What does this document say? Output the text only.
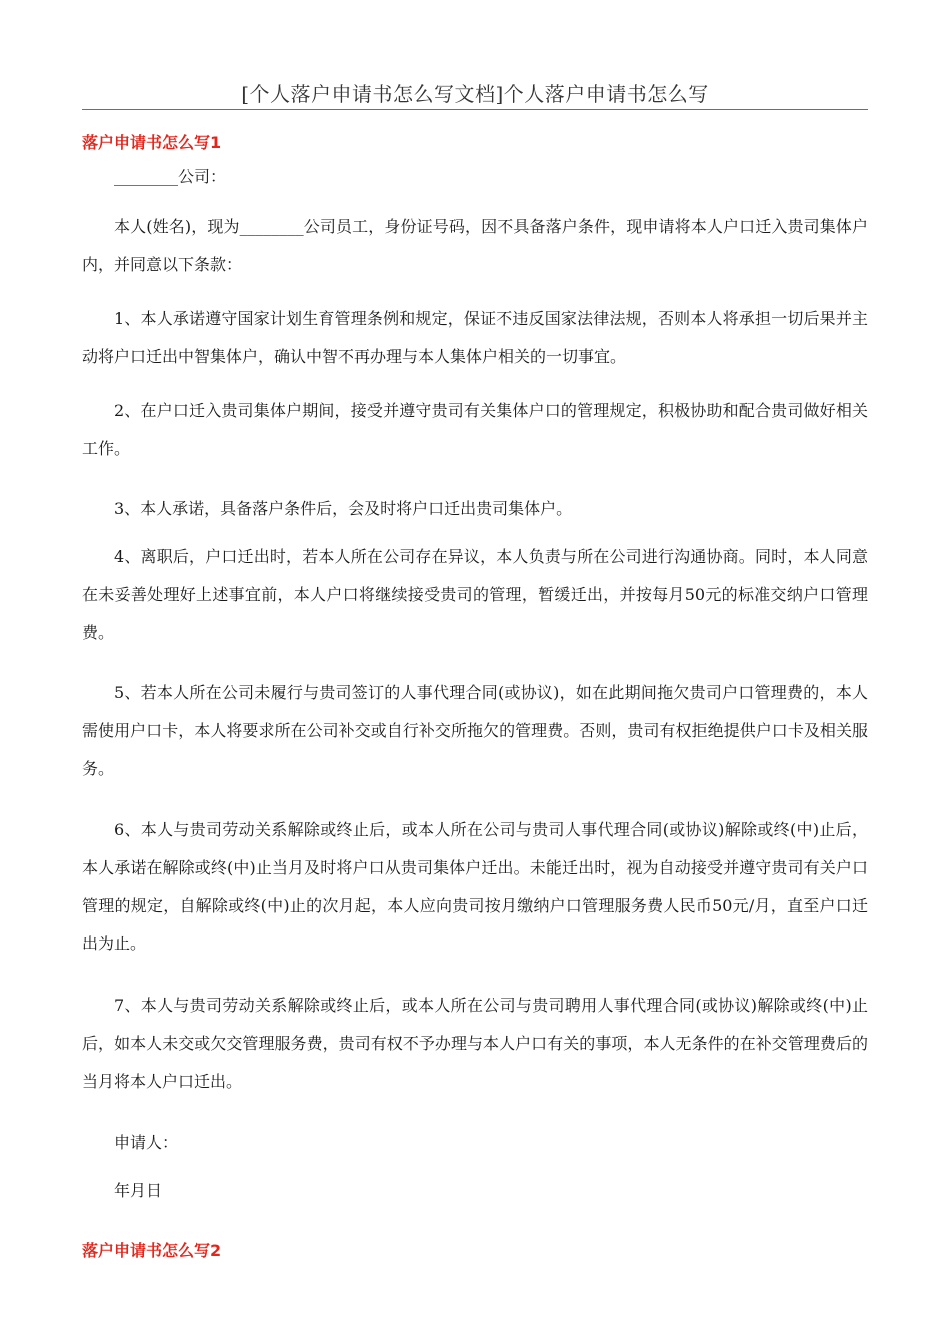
[个人落户申请书怎么写文档]个人落户申请书怎么写
落户申请书怎么写1

________公司：

本人(姓名)，现为________公司员工，身份证号码，因不具备落户条件，现申请将本人户口迁入贵司集体户内，并同意以下条款：

1、本人承诺遵守国家计划生育管理条例和规定，保证不违反国家法律法规，否则本人将承担一切后果并主动将户口迁出中智集体户，确认中智不再办理与本人集体户相关的一切事宜。

2、在户口迁入贵司集体户期间，接受并遵守贵司有关集体户口的管理规定，积极协助和配合贵司做好相关工作。

3、本人承诺，具备落户条件后，会及时将户口迁出贵司集体户。

4、离职后，户口迁出时，若本人所在公司存在异议，本人负责与所在公司进行沟通协商。同时，本人同意在未妥善处理好上述事宜前，本人户口将继续接受贵司的管理，暂缓迁出，并按每月50元的标准交纳户口管理费。

5、若本人所在公司未履行与贵司签订的人事代理合同(或协议)，如在此期间拖欠贵司户口管理费的，本人需使用户口卡，本人将要求所在公司补交或自行补交所拖欠的管理费。否则，贵司有权拒绝提供户口卡及相关服务。

6、本人与贵司劳动关系解除或终止后，或本人所在公司与贵司人事代理合同(或协议)解除或终(中)止后，本人承诺在解除或终(中)止当月及时将户口从贵司集体户迁出。未能迁出时，视为自动接受并遵守贵司有关户口管理的规定，自解除或终(中)止的次月起，本人应向贵司按月缴纳户口管理服务费人民币50元/月，直至户口迁出为止。

7、本人与贵司劳动关系解除或终止后，或本人所在公司与贵司聘用人事代理合同(或协议)解除或终(中)止后，如本人未交或欠交管理服务费，贵司有权不予办理与本人户口有关的事项，本人无条件的在补交管理费后的当月将本人户口迁出。

申请人：

年月日

落户申请书怎么写2
